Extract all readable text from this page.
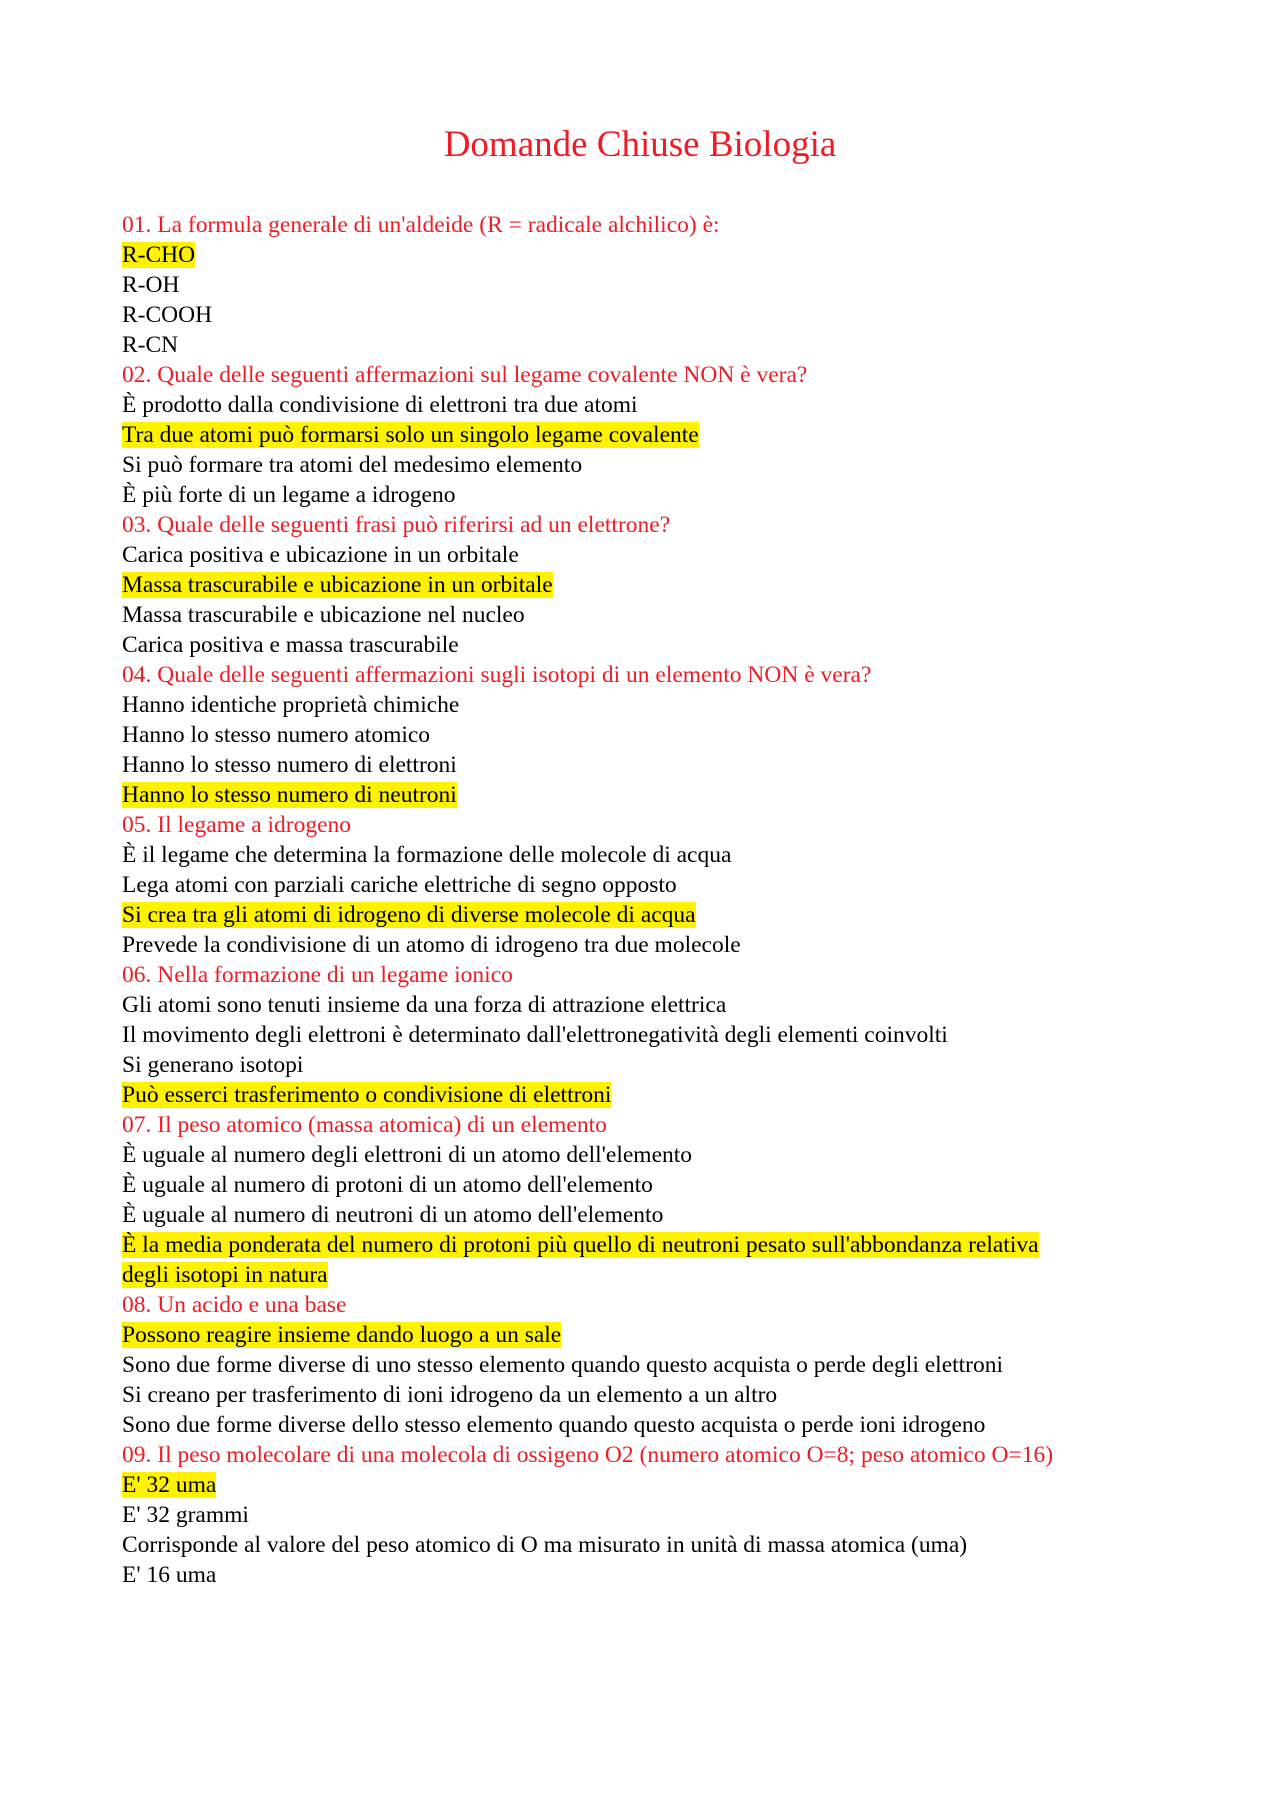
Domande Chiuse Biologia
01. La formula generale di un'aldeide (R = radicale alchilico) è:
R-CHO
R-OH
R-COOH
R-CN
02. Quale delle seguenti affermazioni sul legame covalente NON è vera?
È prodotto dalla condivisione di elettroni tra due atomi
Tra due atomi può formarsi solo un singolo legame covalente
Si può formare tra atomi del medesimo elemento
È più forte di un legame a idrogeno
03. Quale delle seguenti frasi può riferirsi ad un elettrone?
Carica positiva e ubicazione in un orbitale
Massa trascurabile e ubicazione in un orbitale
Massa trascurabile e ubicazione nel nucleo
Carica positiva e massa trascurabile
04. Quale delle seguenti affermazioni sugli isotopi di un elemento NON è vera?
Hanno identiche proprietà chimiche
Hanno lo stesso numero atomico
Hanno lo stesso numero di elettroni
Hanno lo stesso numero di neutroni
05. Il legame a idrogeno
È il legame che determina la formazione delle molecole di acqua
Lega atomi con parziali cariche elettriche di segno opposto
Si crea tra gli atomi di idrogeno di diverse molecole di acqua
Prevede la condivisione di un atomo di idrogeno tra due molecole
06. Nella formazione di un legame ionico
Gli atomi sono tenuti insieme da una forza di attrazione elettrica
Il movimento degli elettroni è determinato dall'elettronegatività degli elementi coinvolti
Si generano isotopi
Può esserci trasferimento o condivisione di elettroni
07. Il peso atomico (massa atomica) di un elemento
È uguale al numero degli elettroni di un atomo dell'elemento
È uguale al numero di protoni di un atomo dell'elemento
È uguale al numero di neutroni di un atomo dell'elemento
È la media ponderata del numero di protoni più quello di neutroni pesato sull'abbondanza relativa
degli isotopi in natura
08. Un acido e una base
Possono reagire insieme dando luogo a un sale
Sono due forme diverse di uno stesso elemento quando questo acquista o perde degli elettroni
Si creano per trasferimento di ioni idrogeno da un elemento a un altro
Sono due forme diverse dello stesso elemento quando questo acquista o perde ioni idrogeno
09. Il peso molecolare di una molecola di ossigeno O2 (numero atomico O=8; peso atomico O=16)
E' 32 uma
E' 32 grammi
Corrisponde al valore del peso atomico di O ma misurato in unità di massa atomica (uma)
E' 16 uma
